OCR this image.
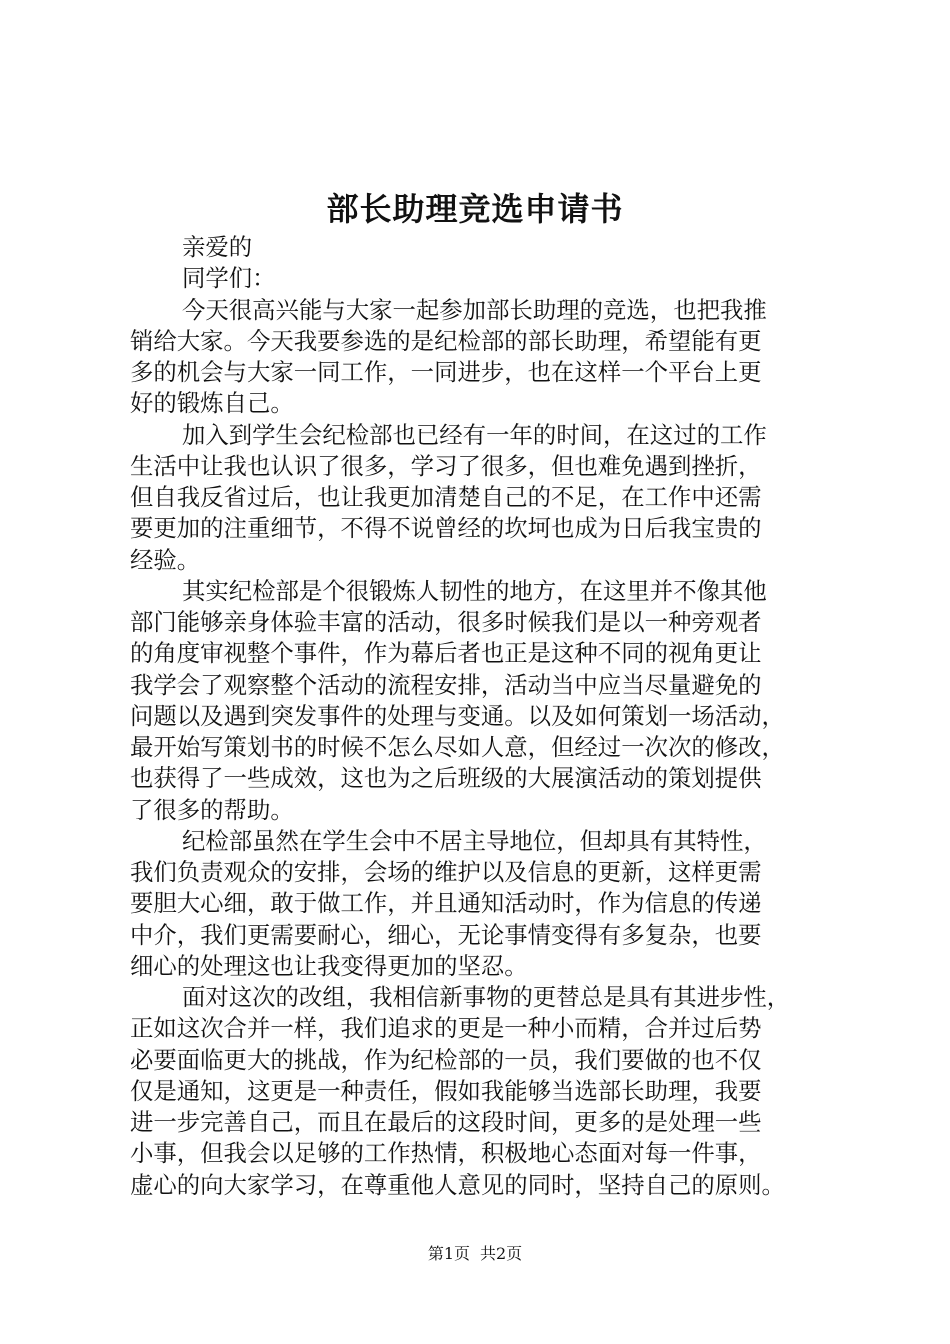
部长助理竞选申请书
亲爱的
同学们：
今天很高兴能与大家一起参加部长助理的竞选，也把我推
销给大家。今天我要参选的是纪检部的部长助理，希望能有更
多的机会与大家一同工作，一同进步，也在这样一个平台上更
好的锻炼自己。
加入到学生会纪检部也已经有一年的时间，在这过的工作
生活中让我也认识了很多，学习了很多，但也难免遇到挫折，
但自我反省过后，也让我更加清楚自己的不足，在工作中还需
要更加的注重细节，不得不说曾经的坎坷也成为日后我宝贵的
经验。
其实纪检部是个很锻炼人韧性的地方，在这里并不像其他
部门能够亲身体验丰富的活动，很多时候我们是以一种旁观者
的角度审视整个事件，作为幕后者也正是这种不同的视角更让
我学会了观察整个活动的流程安排，活动当中应当尽量避免的
问题以及遇到突发事件的处理与变通。以及如何策划一场活动，
最开始写策划书的时候不怎么尽如人意，但经过一次次的修改，
也获得了一些成效，这也为之后班级的大展演活动的策划提供
了很多的帮助。
纪检部虽然在学生会中不居主导地位，但却具有其特性，
我们负责观众的安排，会场的维护以及信息的更新，这样更需
要胆大心细，敢于做工作，并且通知活动时，作为信息的传递
中介，我们更需要耐心，细心，无论事情变得有多复杂，也要
细心的处理这也让我变得更加的坚忍。
面对这次的改组，我相信新事物的更替总是具有其进步性，
正如这次合并一样，我们追求的更是一种小而精，合并过后势
必要面临更大的挑战，作为纪检部的一员，我们要做的也不仅
仅是通知，这更是一种责任，假如我能够当选部长助理，我要
进一步完善自己，而且在最后的这段时间，更多的是处理一些
小事，但我会以足够的工作热情，积极地心态面对每一件事，
虚心的向大家学习，在尊重他人意见的同时，坚持自己的原则。
第1页 共2页
